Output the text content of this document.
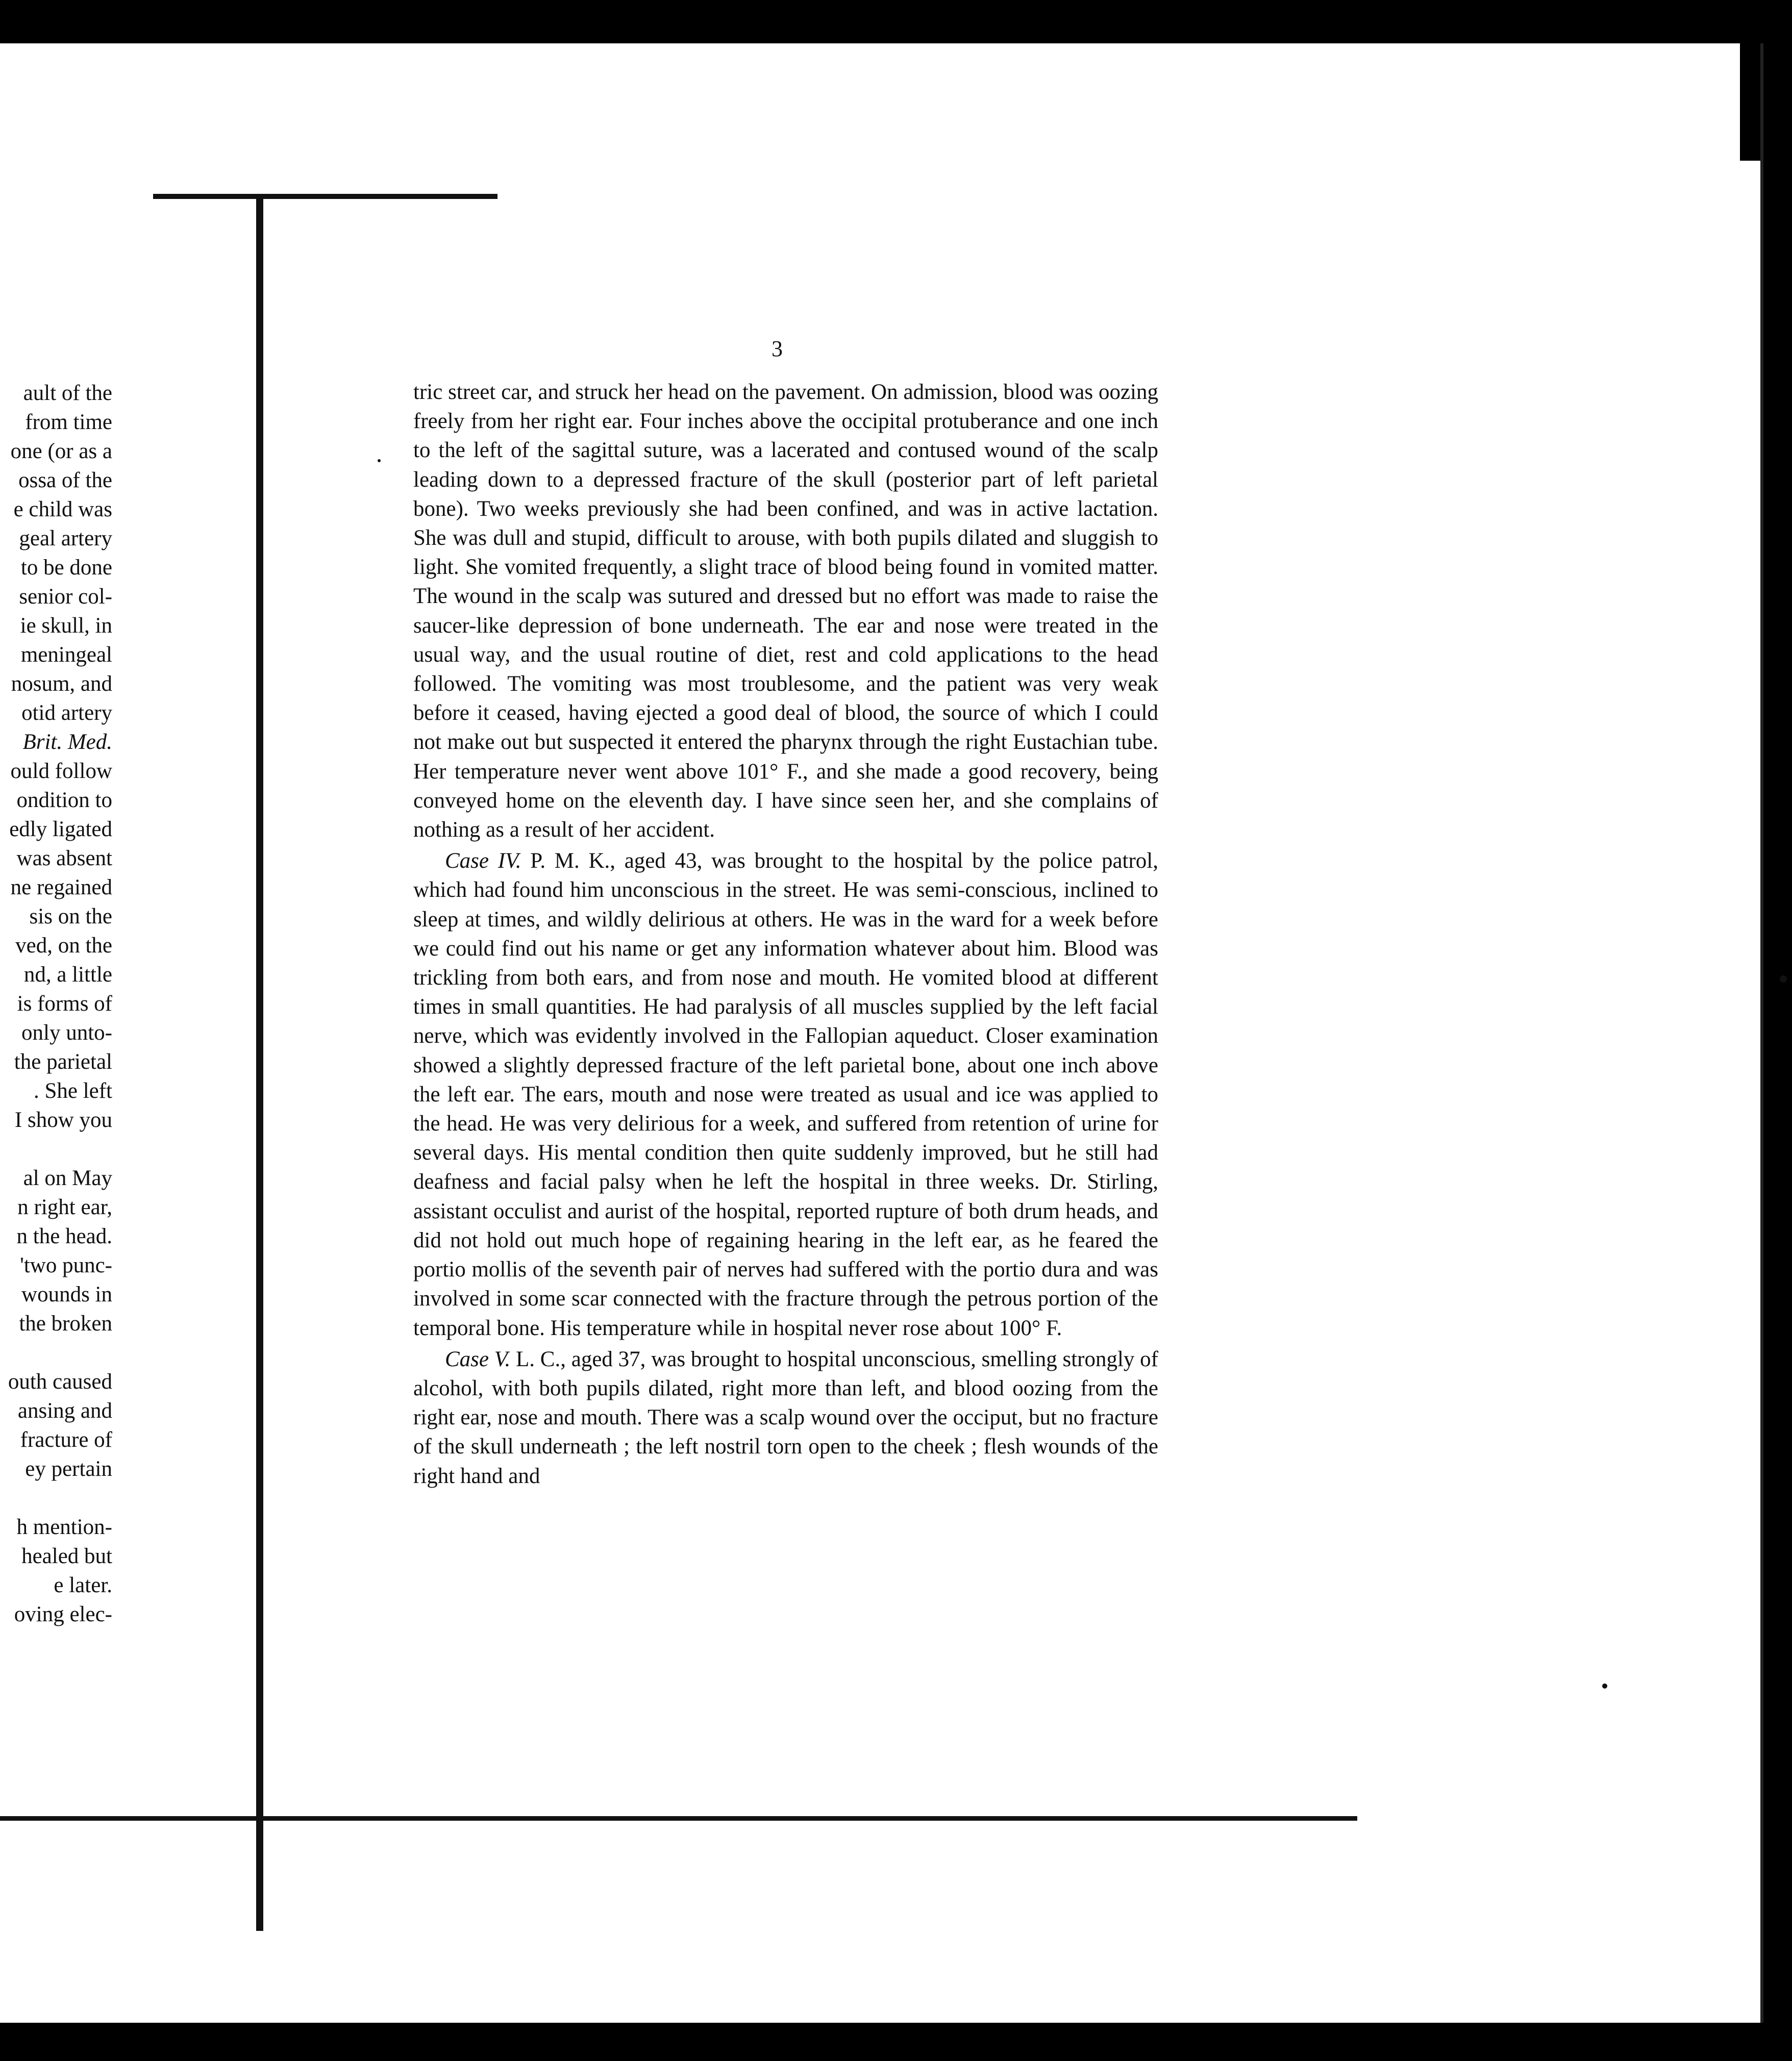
3
ault of the
from time
one (or as a
ossa of the
e child was
geal artery
to be done
senior col-
ie skull, in
meningeal
nosum, and
otid artery
Brit. Med.
ould follow
ondition to
edly ligated
was absent
ne regained
sis on the
ved, on the
nd, a little
is forms of
only unto-
the parietal
. She left
I show you
al on May
n right ear,
n the head.
'two punc-
wounds in
the broken
outh caused
ansing and
fracture of
ey pertain
h mention-
healed but
e later.
oving elec-

tric street car, and struck her head on the pavement. On admission, blood was oozing freely from her right ear. Four inches above the occipital protuberance and one inch to the left of the sagittal suture, was a lacerated and contused wound of the scalp leading down to a depressed fracture of the skull (posterior part of left parietal bone). Two weeks previously she had been confined, and was in active lactation. She was dull and stupid, difficult to arouse, with both pupils dilated and sluggish to light. She vomited frequently, a slight trace of blood being found in vomited matter. The wound in the scalp was sutured and dressed but no effort was made to raise the saucer-like depression of bone underneath. The ear and nose were treated in the usual way, and the usual routine of diet, rest and cold applications to the head followed. The vomiting was most troublesome, and the patient was very weak before it ceased, having ejected a good deal of blood, the source of which I could not make out but suspected it entered the pharynx through the right Eustachian tube. Her temperature never went above 101° F., and she made a good recovery, being conveyed home on the eleventh day. I have since seen her, and she complains of nothing as a result of her accident.

Case IV. P. M. K., aged 43, was brought to the hospital by the police patrol, which had found him unconscious in the street. He was semi-conscious, inclined to sleep at times, and wildly delirious at others. He was in the ward for a week before we could find out his name or get any information whatever about him. Blood was trickling from both ears, and from nose and mouth. He vomited blood at different times in small quantities. He had paralysis of all muscles supplied by the left facial nerve, which was evidently involved in the Fallopian aqueduct. Closer examination showed a slightly depressed fracture of the left parietal bone, about one inch above the left ear. The ears, mouth and nose were treated as usual and ice was applied to the head. He was very delirious for a week, and suffered from retention of urine for several days. His mental condition then quite suddenly improved, but he still had deafness and facial palsy when he left the hospital in three weeks. Dr. Stirling, assistant occulist and aurist of the hospital, reported rupture of both drum heads, and did not hold out much hope of regaining hearing in the left ear, as he feared the portio mollis of the seventh pair of nerves had suffered with the portio dura and was involved in some scar connected with the fracture through the petrous portion of the temporal bone. His temperature while in hospital never rose about 100° F.

Case V. L. C., aged 37, was brought to hospital unconscious, smelling strongly of alcohol, with both pupils dilated, right more than left, and blood oozing from the right ear, nose and mouth. There was a scalp wound over the occiput, but no fracture of the skull underneath ; the left nostril torn open to the cheek ; flesh wounds of the right hand and
